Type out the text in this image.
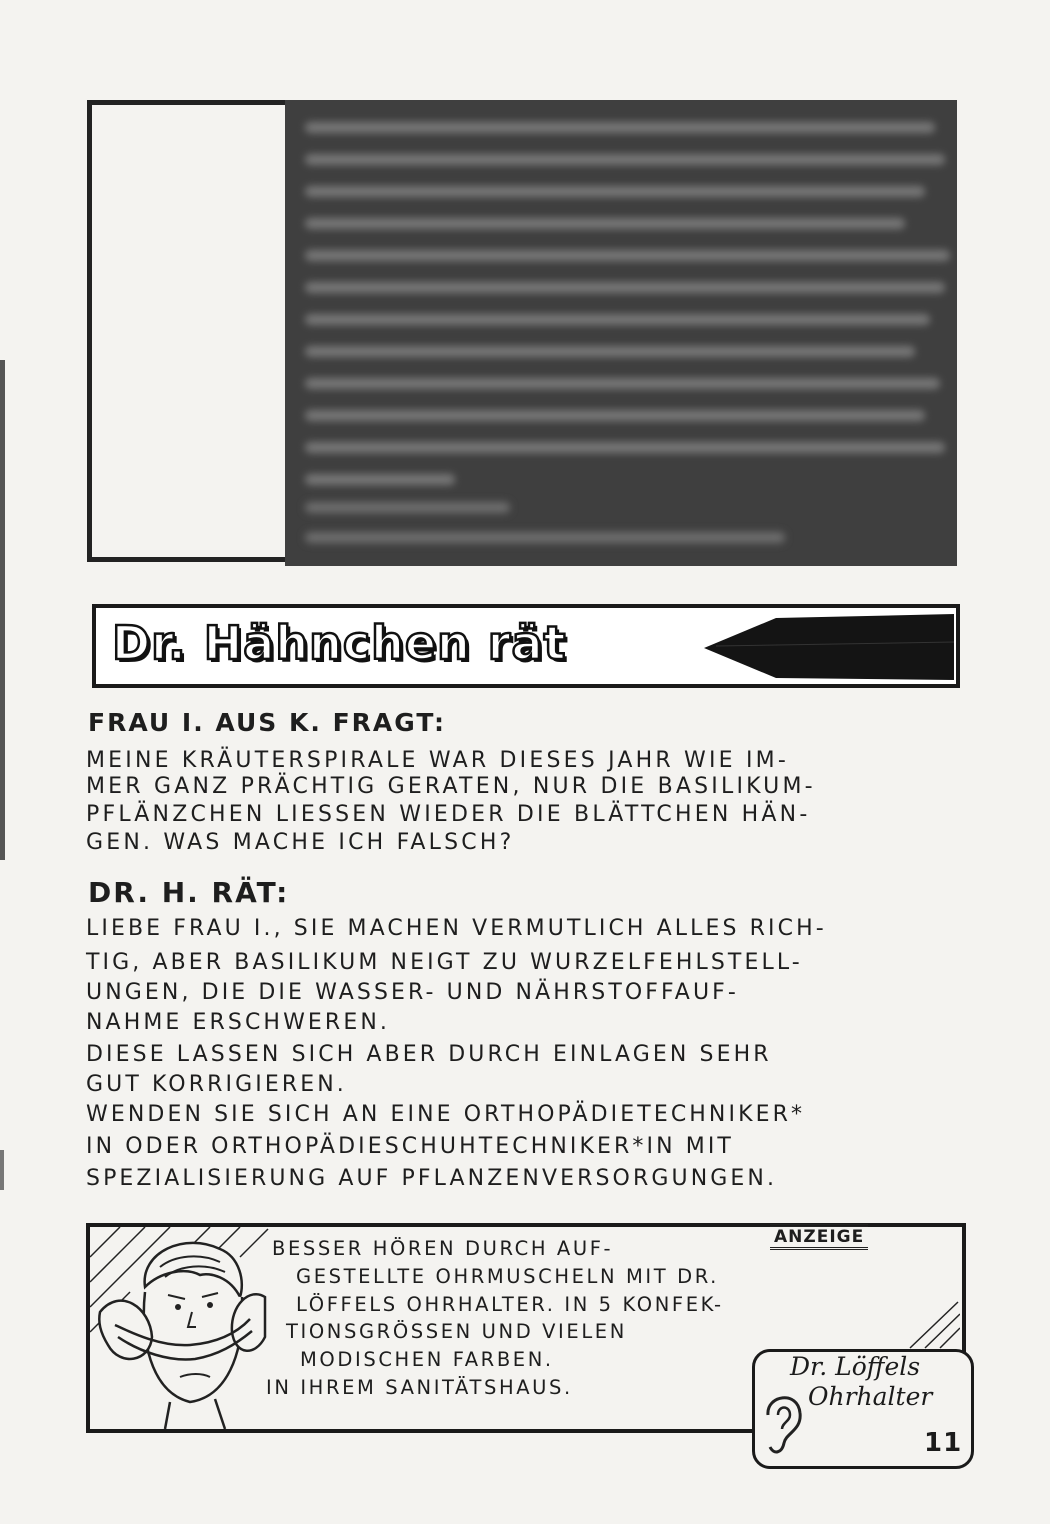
Dr. Hähnchen rät
FRAU I. AUS K. FRAGT:
MEINE KRÄUTERSPIRALE WAR DIESES JAHR WIE IM-
MER GANZ PRÄCHTIG GERATEN, NUR DIE BASILIKUM-
PFLÄNZCHEN LIESSEN WIEDER DIE BLÄTTCHEN HÄN-
GEN. WAS MACHE ICH FALSCH?
DR. H. RÄT:
LIEBE FRAU I., SIE MACHEN VERMUTLICH ALLES RICH-
TIG, ABER BASILIKUM NEIGT ZU WURZELFEHLSTELL-
UNGEN, DIE DIE WASSER- UND NÄHRSTOFFAUF-
NAHME ERSCHWEREN.
DIESE LASSEN SICH ABER DURCH EINLAGEN SEHR
GUT KORRIGIEREN.
WENDEN SIE SICH AN EINE ORTHOPÄDIETECHNIKER*
IN ODER ORTHOPÄDIESCHUHTECHNIKER*IN MIT
SPEZIALISIERUNG AUF PFLANZENVERSORGUNGEN.
BESSER HÖREN DURCH AUF-
GESTELLTE OHRMUSCHELN MIT DR.
LÖFFELS OHRHALTER. IN 5 KONFEK-
TIONSGRÖSSEN UND VIELEN
MODISCHEN FARBEN.
IN IHREM SANITÄTSHAUS.
ANZEIGE
Dr. Löffels
Ohrhalter
11
